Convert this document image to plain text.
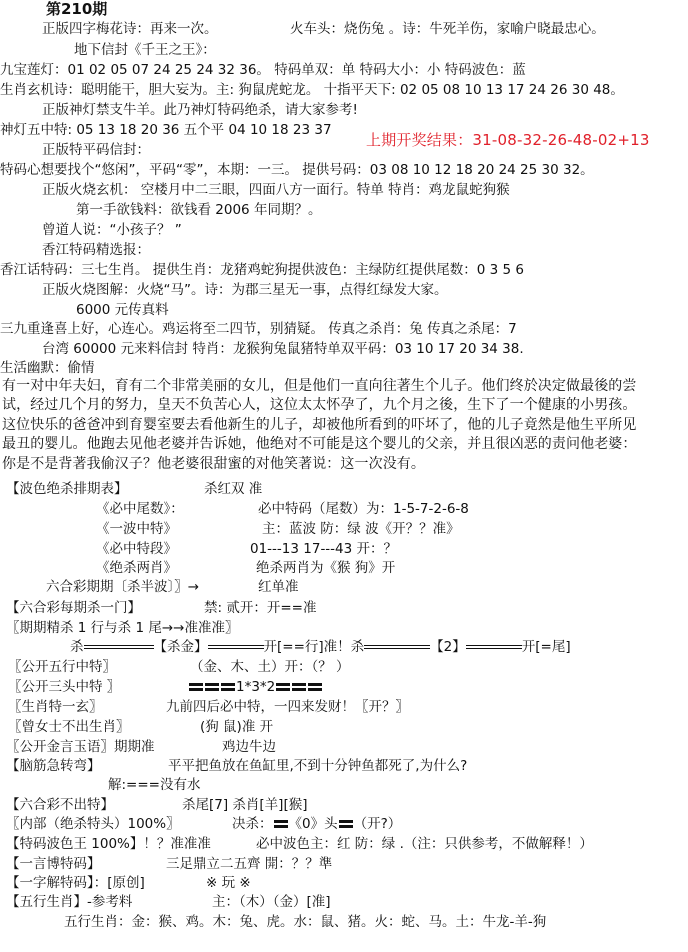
第210期
正版四字梅花诗：再来一次。	火车头：烧伤兔 。诗：牛死羊伤，家喻户晓最忠心。
地下信封《千王之王》：
九宝莲灯：01 02 05 07 24 25 24 32 36。 特码单双：单 特码大小：小 特码波色：蓝
生肖玄机诗：聪明能干，胆大妄为。主: 狗鼠虎蛇龙。 十指平天下: 02 05 08 10 13 17 24 26 30 48。
正版神灯禁支牛羊。此乃神灯特码绝杀，请大家参考!
神灯五中特: 05 13 18 20 36 五个平 04 10 18 23 37
上期开奖结果：31-08-32-26-48-02+13
正版特平码信封：
特码心想要找个“悠闲”，平码“零”，本期：一三。 提供号码：03 08 10 12 18 20 24 25 30 32。
正版火烧玄机： 空楼月中二三眼，四面八方一面行。特单 特肖：鸡龙鼠蛇狗猴
第一手欲钱料：欲钱看 2006 年同期？。
曾道人说：“小孩子？ ”
香江特码精选报：
香江话特码：三七生肖。 提供生肖：龙猪鸡蛇狗提供波色：主绿防红提供尾数：0 3 5 6
正版火烧图解：火烧“马”。诗：为郡三星无一事，点得红绿发大家。
6000 元传真料
三九重逢喜上好，心连心。鸡运将至二四节，别猜疑。 传真之杀肖：兔 传真之杀尾：7
台湾 60000 元来料信封 特肖：龙猴狗兔鼠猪特单双平码：03 10 17 20 34 38.
生活幽默：偷情
有一对中年夫妇，育有二个非常美丽的女儿，但是他们一直向往著生个儿子。他们终於决定做最後的尝
试，经过几个月的努力，皇天不负苦心人，这位太太怀孕了，九个月之後，生下了一个健康的小男孩。
这位快乐的爸爸冲到育婴室要去看他新生的儿子，却被他所看到的吓坏了，他的儿子竟然是他生平所见
最丑的婴儿。他跑去见他老婆并告诉她，他绝对不可能是这个婴儿的父亲，并且很凶恶的责问他老婆：
你是不是背著我偷汉子？他老婆很甜蜜的对他笑著说：这一次没有。
【波色绝杀排期表】	杀红双 准
《必中尾数》：	必中特码（尾数）为：1-5-7-2-6-8
《一波中特》	主：蓝波 防：绿 波《开？？准》
《必中特段》	01---13 17---43 开：？
《绝杀两肖》	绝杀两肖为《猴 狗》开
六合彩期期〔杀半波〕〗→	红单准
【六合彩每期杀一门】	禁: 贰开：开==准
〖期期精杀 1 行与杀 1 尾→→准准准〗
杀	【杀金】	开[==行]准！杀	【2】	开[=尾]
〖公开五行中特〗	（金、木、土）开：（？ ）
〖公开三头中特 〗	1*3*2
〖生肖特一玄〗	九前四后必中特，一四来发财！〖开？〗
〖曾女士不出生肖〗	(狗 鼠)准 开
〖公开金言玉语〗期期准	鸡边牛边
【脑筋急转弯】	平平把鱼放在鱼缸里,不到十分钟鱼都死了,为什么?
解:===没有水
【六合彩不出特】	杀尾[7] 杀肖[羊][猴]
〖内部（绝杀特头）100%〗	决杀： 《0》头 （开?）
【特码波色王 100%】！？准准准	必中波色主：红 防：绿 .（注：只供参考，不做解释！）
【一言博特码】	三足鼎立二五齊 開：？？準
【一字解特码】：[原创]	※ 玩 ※
【五行生肖】-参考料	主：（木）（金）[准]
五行生肖：金：猴、鸡。木：兔、虎。水：鼠、猪。火：蛇、马。土：牛龙-羊-狗
